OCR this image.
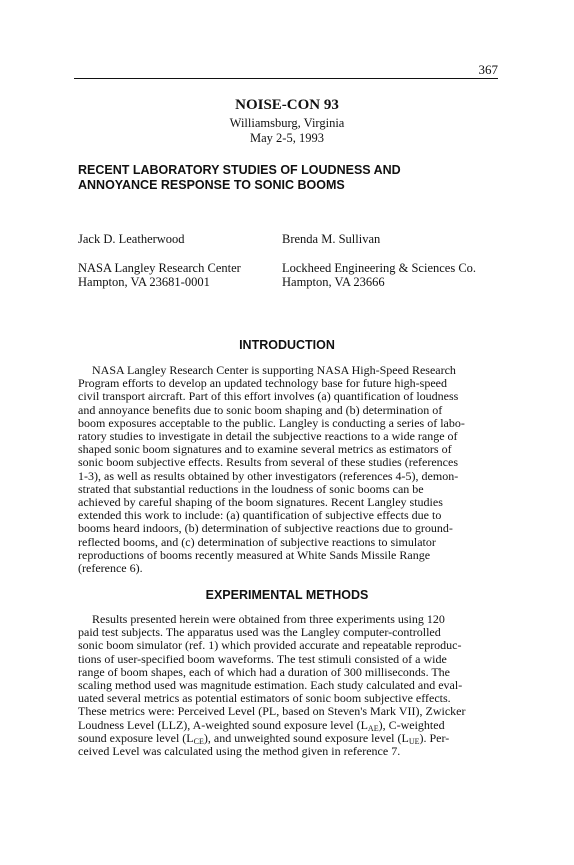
367
NOISE-CON 93
Williamsburg, Virginia
May 2-5, 1993
RECENT LABORATORY STUDIES OF LOUDNESS AND
ANNOYANCE RESPONSE TO SONIC BOOMS
Jack D. Leatherwood
NASA Langley Research Center
Hampton, VA 23681-0001
Brenda M. Sullivan
Lockheed Engineering & Sciences Co.
Hampton, VA 23666
INTRODUCTION
NASA Langley Research Center is supporting NASA High-Speed Research
Program efforts to develop an updated technology base for future high-speed
civil transport aircraft. Part of this effort involves (a) quantification of loudness
and annoyance benefits due to sonic boom shaping and (b) determination of
boom exposures acceptable to the public. Langley is conducting a series of labo-
ratory studies to investigate in detail the subjective reactions to a wide range of
shaped sonic boom signatures and to examine several metrics as estimators of
sonic boom subjective effects. Results from several of these studies (references
1-3), as well as results obtained by other investigators (references 4-5), demon-
strated that substantial reductions in the loudness of sonic booms can be
achieved by careful shaping of the boom signatures. Recent Langley studies
extended this work to include: (a) quantification of subjective effects due to
booms heard indoors, (b) determination of subjective reactions due to ground-
reflected booms, and (c) determination of subjective reactions to simulator
reproductions of booms recently measured at White Sands Missile Range
(reference 6).
EXPERIMENTAL METHODS
Results presented herein were obtained from three experiments using 120
paid test subjects. The apparatus used was the Langley computer-controlled
sonic boom simulator (ref. 1) which provided accurate and repeatable reproduc-
tions of user-specified boom waveforms. The test stimuli consisted of a wide
range of boom shapes, each of which had a duration of 300 milliseconds. The
scaling method used was magnitude estimation. Each study calculated and eval-
uated several metrics as potential estimators of sonic boom subjective effects.
These metrics were: Perceived Level (PL, based on Steven's Mark VII), Zwicker
Loudness Level (LLZ), A-weighted sound exposure level $(L_{AE})$, C-weighted
sound exposure level $(L_{CE})$, and unweighted sound exposure level $(L_{UE})$. Per-
ceived Level was calculated using the method given in reference 7.
